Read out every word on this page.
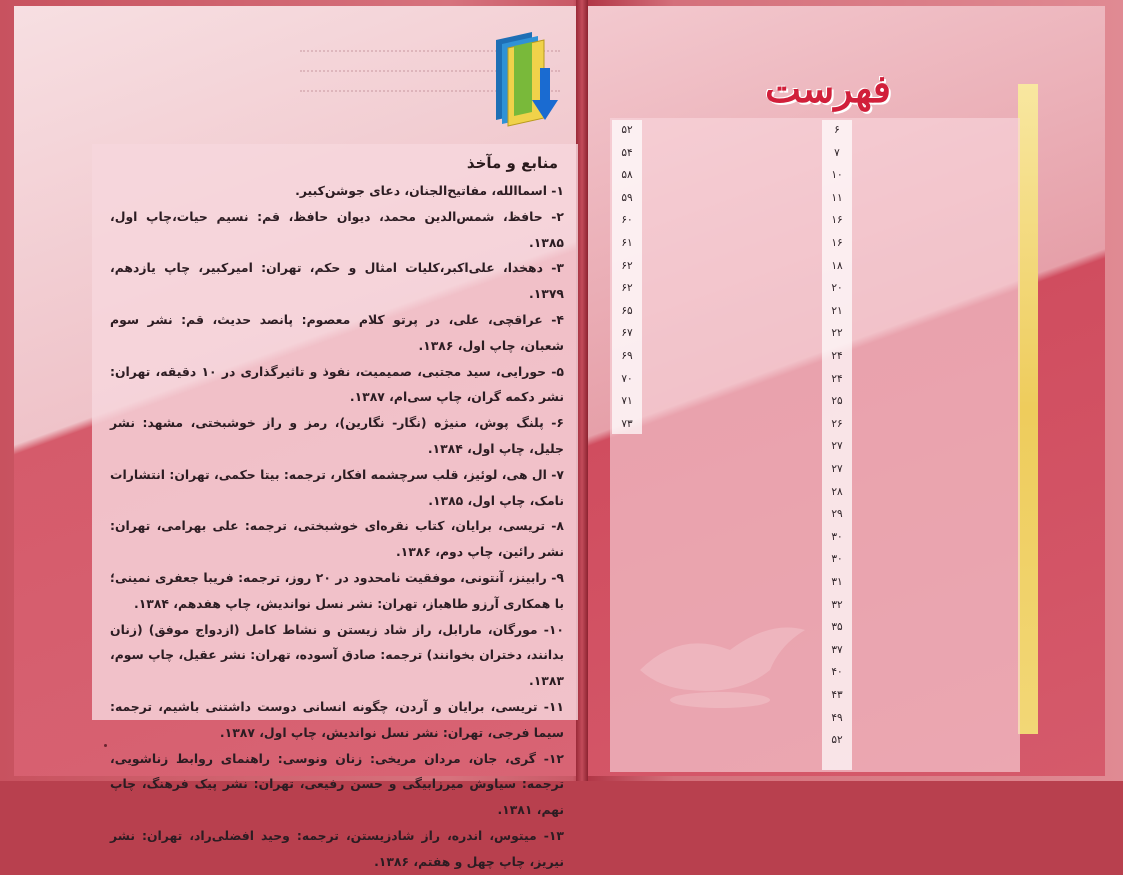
منابع و مآخذ
۱- اسماالله، مفاتیح‌الجنان، دعای جوشن‌کبیر.
۲- حافظ، شمس‌الدین محمد، دیوان حافظ، قم: نسیم حیات،چاپ اول، ۱۳۸۵.
۳- دهخدا، علی‌اکبر،کلیات امثال و حکم، تهران: امیرکبیر، چاپ یازدهم، ۱۳۷۹.
۴- عراقچی، علی، در پرتو کلام معصوم: پانصد حدیث، قم: نشر سوم شعبان، چاپ اول، ۱۳۸۶.
۵- حورایی، سید مجتبی، صمیمیت، نفوذ و تاثیرگذاری در ۱۰ دقیقه، تهران: نشر دکمه گران، چاپ سی‌ام، ۱۳۸۷.
۶- پلنگ پوش، منیژه (نگار- نگارین)، رمز و راز خوشبختی، مشهد: نشر جلیل، چاپ اول، ۱۳۸۴.
۷- ال هی، لوئیز، قلب سرچشمه افکار، ترجمه: بیتا حکمی، تهران: انتشارات نامک، چاپ اول، ۱۳۸۵.
۸- تریسی، برایان، کتاب نقره‌ای خوشبختی، ترجمه: علی بهرامی، تهران: نشر رائین، چاپ دوم، ۱۳۸۶.
۹- رابینز، آنتونی، موفقیت نامحدود در ۲۰ روز، ترجمه: فریبا جعفری نمینی؛ با همکاری آرزو طاهباز، تهران: نشر نسل نواندیش، چاپ هفدهم، ۱۳۸۴.
۱۰- مورگان، مارابل، راز شاد زیستن و نشاط کامل (ازدواج موفق) (زنان بدانند، دختران بخوانند) ترجمه: صادق آسوده، تهران: نشر عقیل، چاپ سوم، ۱۳۸۳.
۱۱- تریسی، برایان و آردن، چگونه انسانی دوست داشتنی باشیم، ترجمه: سیما فرجی، تهران: نشر نسل نواندیش، چاپ اول، ۱۳۸۷.
۱۲- گری، جان، مردان مریخی: زنان ونوسی: راهنمای روابط زناشویی، ترجمه: سیاوش میرزابیگی و حسن رفیعی، تهران: نشر پیک فرهنگ، چاپ نهم، ۱۳۸۱.
۱۳- میتوس، اندره، راز شادزیستن، ترجمه: وحید افضلی‌راد، تهران: نشر نیریز، چاپ چهل و هفتم، ۱۳۸۶.
فهرست
۶
۷
۱۰
۱۱
۱۶
۱۶
۱۸
۲۰
۲۱
۲۲
۲۴
۲۴
۲۵
۲۶
۲۷
۲۷
۲۸
۲۹
۳۰
۳۰
۳۱
۳۲
۳۵
۳۷
۴۰
۴۳
۴۹
۵۲
۵۲
۵۴
۵۸
۵۹
۶۰
۶۱
۶۲
۶۲
۶۵
۶۷
۶۹
۷۰
۷۱
۷۳
